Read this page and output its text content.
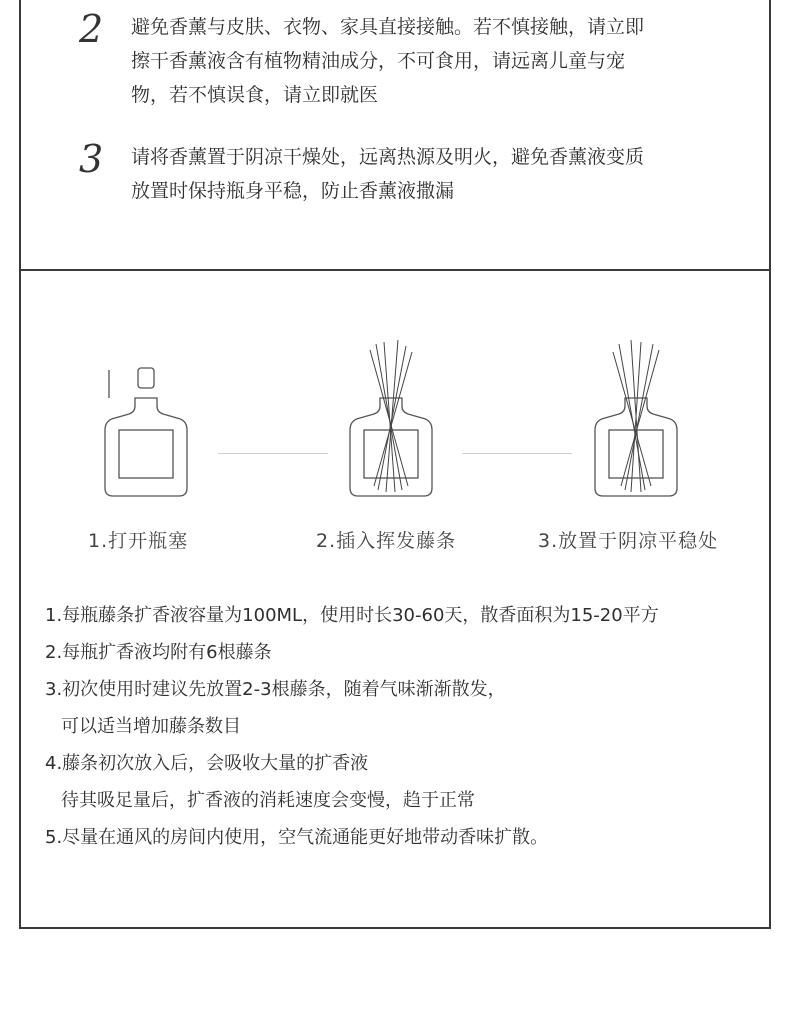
2 避免香薰与皮肤、衣物、家具直接接触。若不慎接触，请立即
擦干香薰液含有植物精油成分，不可食用，请远离儿童与宠
物，若不慎误食，请立即就医
3 请将香薰置于阴凉干燥处，远离热源及明火，避免香薰液变质
放置时保持瓶身平稳，防止香薰液撒漏
1.打开瓶塞	2.插入挥发藤条	3.放置于阴凉平稳处
1.每瓶藤条扩香液容量为100ML，使用时长30-60天，散香面积为15-20平方
2.每瓶扩香液均附有6根藤条
3.初次使用时建议先放置2-3根藤条，随着气味渐渐散发，
可以适当增加藤条数目
4.藤条初次放入后，会吸收大量的扩香液
待其吸足量后，扩香液的消耗速度会变慢，趋于正常
5.尽量在通风的房间内使用，空气流通能更好地带动香味扩散。
